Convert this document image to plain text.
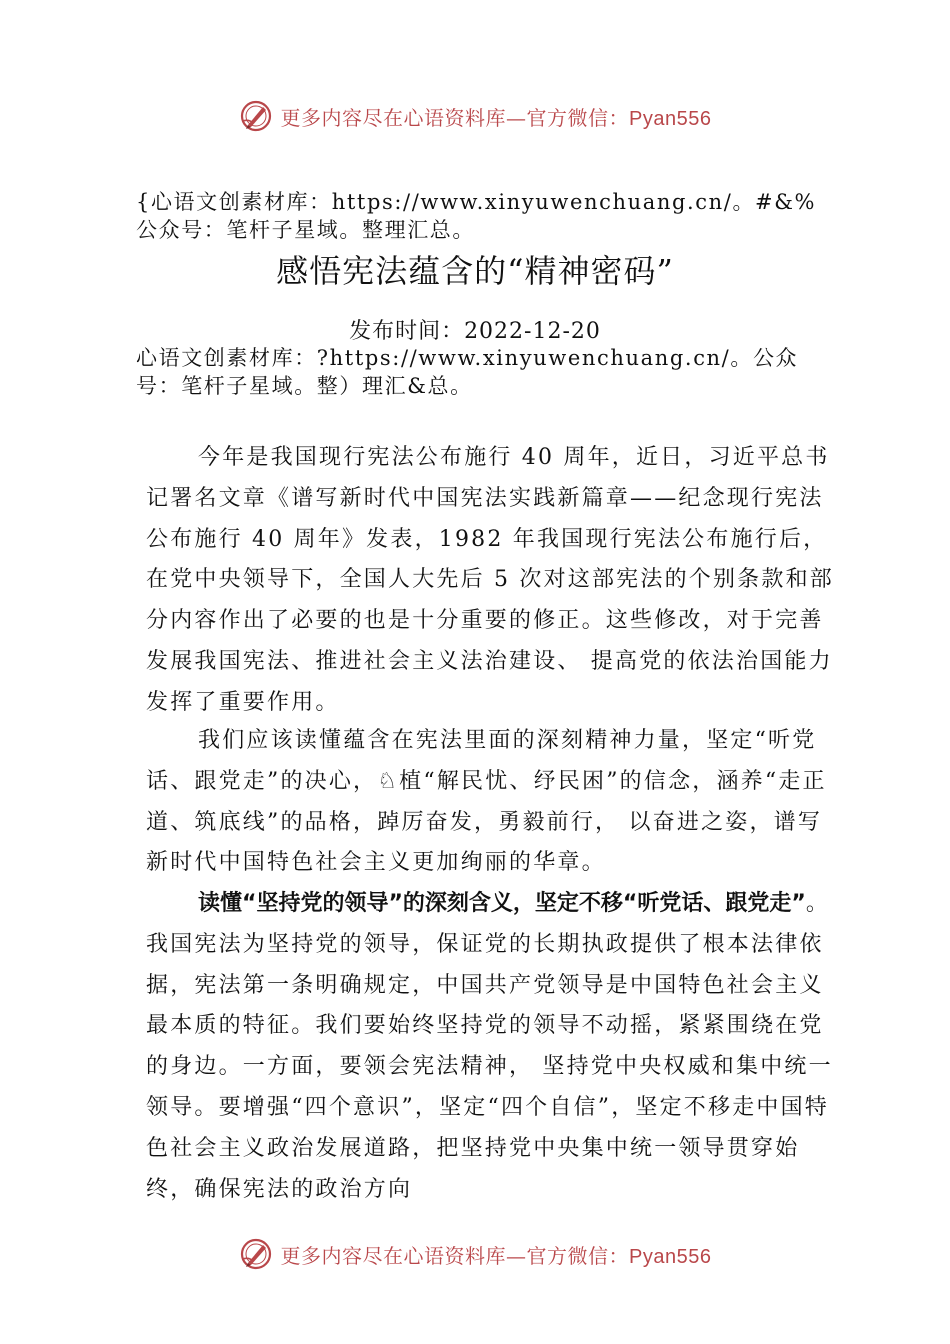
更多内容尽在心语资料库—官方微信：Pyan556
{心语文创素材库：https://www.xinyuwenchuang.cn/。#&%公众号：笔杆子星域。整理汇总。
感悟宪法蕴含的“精神密码”
发布时间：2022-12-20
心语文创素材库：?https://www.xinyuwenchuang.cn/。公众号：笔杆子星域。整）理汇&总。

今年是我国现行宪法公布施行 40 周年，近日，习近平总书记署名文章《谱写新时代中国宪法实践新篇章——纪念现行宪法公布施行 40 周年》发表，1982 年我国现行宪法公布施行后，在党中央领导下，全国人大先后 5 次对这部宪法的个别条款和部分内容作出了必要的也是十分重要的修正。这些修改，对于完善发展我国宪法、推进社会主义法治建设、 提高党的依法治国能力发挥了重要作用。

我们应该读懂蕴含在宪法里面的深刻精神力量，坚定“听党话、跟党走”的决心，♘植“解民忧、纾民困”的信念，涵养“走正道、筑底线”的品格，踔厉奋发，勇毅前行， 以奋进之姿，谱写新时代中国特色社会主义更加绚丽的华章。

读懂“坚持党的领导”的深刻含义，坚定不移“听党话、跟党走”。我国宪法为坚持党的领导，保证党的长期执政提供了根本法律依据，宪法第一条明确规定，中国共产党领导是中国特色社会主义最本质的特征。我们要始终坚持党的领导不动摇，紧紧围绕在党的身边。一方面，要领会宪法精神， 坚持党中央权威和集中统一领导。要增强“四个意识”，坚定“四个自信”，坚定不移走中国特色社会主义政治发展道路，把坚持党中央集中统一领导贯穿始终，确保宪法的政治方向

更多内容尽在心语资料库—官方微信：Pyan556
